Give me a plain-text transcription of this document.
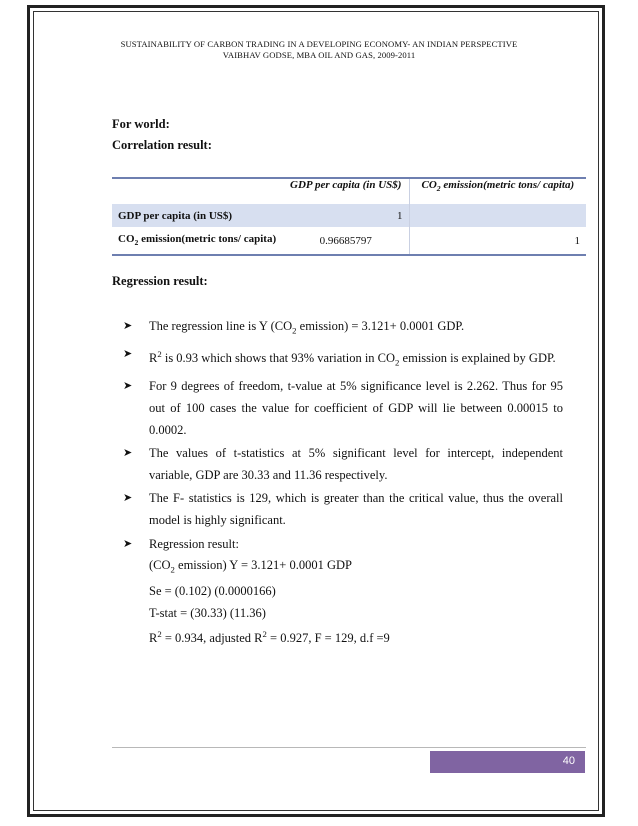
SUSTAINABILITY OF CARBON TRADING IN A DEVELOPING ECONOMY- AN INDIAN PERSPECTIVE
VAIBHAV GODSE, MBA OIL AND GAS, 2009-2011
For world:
Correlation result:
	GDP per capita (in US$)	$CO_2$ emission(metric tons/ capita)
GDP per capita (in US$)	1	
$CO_2$ emission(metric tons/ capita)	0.96685797	1
Regression result:
➤ The regression line is Y ($CO_2$ emission) = 3.121+ 0.0001 GDP.
➤ $R^2$ is 0.93 which shows that 93% variation in $CO_2$ emission is explained by GDP.
➤ For 9 degrees of freedom, t-value at 5% significance level is 2.262. Thus for 95 out of 100 cases the value for coefficient of GDP will lie between 0.00015 to 0.0002.
➤ The values of t-statistics at 5% significant level for intercept, independent variable, GDP are 30.33 and 11.36 respectively.
➤ The F- statistics is 129, which is greater than the critical value, thus the overall model is highly significant.
➤ Regression result:
($CO_2$ emission) Y = 3.121+ 0.0001 GDP
Se = (0.102) (0.0000166)
T-stat = (30.33) (11.36)
$R^2 = 0.934$, adjusted $R^2 = 0.927$, F = 129, d.f =9
40
